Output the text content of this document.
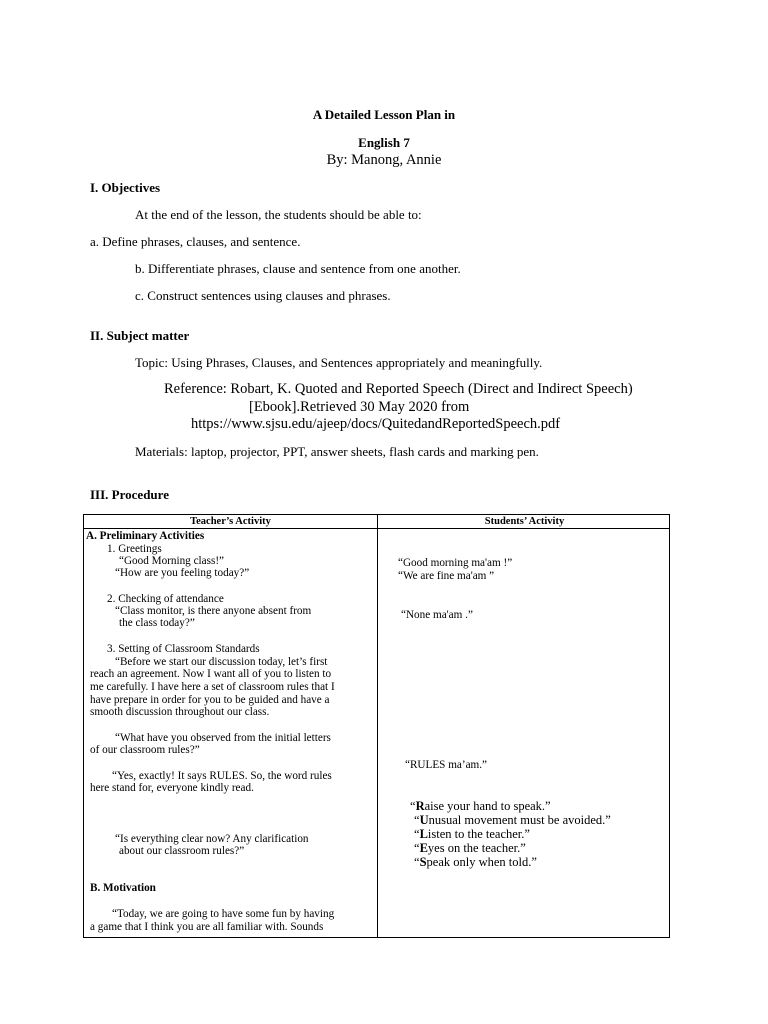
A Detailed Lesson Plan in
English 7
By: Manong, Annie
I. Objectives
At the end of the lesson, the students should be able to:
a. Define phrases, clauses, and sentence.
b. Differentiate phrases, clause and sentence from one another.
c. Construct sentences using clauses and phrases.
II. Subject matter
Topic: Using Phrases, Clauses, and Sentences appropriately and meaningfully.
Reference: Robart, K. Quoted and Reported Speech (Direct and Indirect Speech)
[Ebook].Retrieved 30 May 2020 from
https://www.sjsu.edu/ajeep/docs/QuitedandReportedSpeech.pdf
Materials: laptop, projector, PPT, answer sheets, flash cards and marking pen.
III. Procedure
Teacher’s Activity	Students’ Activity
A. Preliminary Activities
1. Greetings
“Good Morning class!”
“How are you feeling today?”
2. Checking of attendance
“Class monitor, is there anyone absent from
the class today?”
3. Setting of Classroom Standards
“Before we start our discussion today, let’s first
reach an agreement. Now I want all of you to listen to
me carefully. I have here a set of classroom rules that I
have prepare in order for you to be guided and have a
smooth discussion throughout our class.
“What have you observed from the initial letters
of our classroom rules?”
“Yes, exactly! It says RULES. So, the word rules
here stand for, everyone kindly read.
“Is everything clear now? Any clarification
about our classroom rules?”
B. Motivation
“Today, we are going to have some fun by having
a game that I think you are all familiar with. Sounds
“Good morning ma'am !”
“We are fine ma'am ”
“None ma'am .”
“RULES ma’am.”
“Raise your hand to speak.”
“Unusual movement must be avoided.”
“Listen to the teacher.”
“Eyes on the teacher.”
“Speak only when told.”
